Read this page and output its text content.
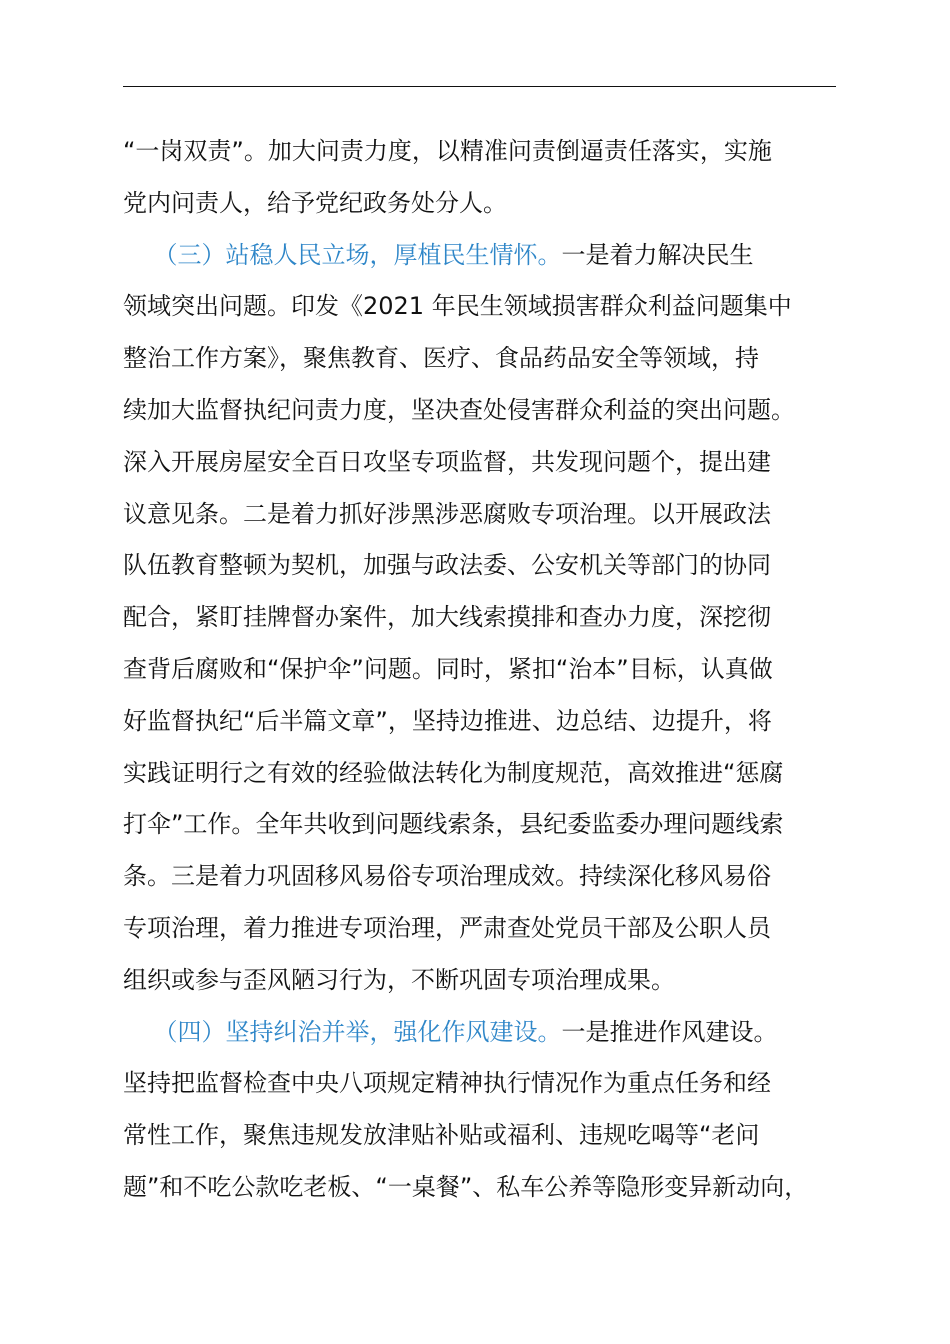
“一岗双责”。加大问责力度，以精准问责倒逼责任落实，实施
党内问责人，给予党纪政务处分人。
（三）站稳人民立场，厚植民生情怀。一是着力解决民生
领域突出问题。印发《2021 年民生领域损害群众利益问题集中
整治工作方案》，聚焦教育、医疗、食品药品安全等领域，持
续加大监督执纪问责力度，坚决查处侵害群众利益的突出问题。
深入开展房屋安全百日攻坚专项监督，共发现问题个，提出建
议意见条。二是着力抓好涉黑涉恶腐败专项治理。以开展政法
队伍教育整顿为契机，加强与政法委、公安机关等部门的协同
配合，紧盯挂牌督办案件，加大线索摸排和查办力度，深挖彻
查背后腐败和“保护伞”问题。同时，紧扣“治本”目标，认真做
好监督执纪“后半篇文章”，坚持边推进、边总结、边提升，将
实践证明行之有效的经验做法转化为制度规范，高效推进“惩腐
打伞”工作。全年共收到问题线索条，县纪委监委办理问题线索
条。三是着力巩固移风易俗专项治理成效。持续深化移风易俗
专项治理，着力推进专项治理，严肃查处党员干部及公职人员
组织或参与歪风陋习行为，不断巩固专项治理成果。
（四）坚持纠治并举，强化作风建设。一是推进作风建设。
坚持把监督检查中央八项规定精神执行情况作为重点任务和经
常性工作，聚焦违规发放津贴补贴或福利、违规吃喝等“老问
题”和不吃公款吃老板、“一桌餐”、私车公养等隐形变异新动向，
